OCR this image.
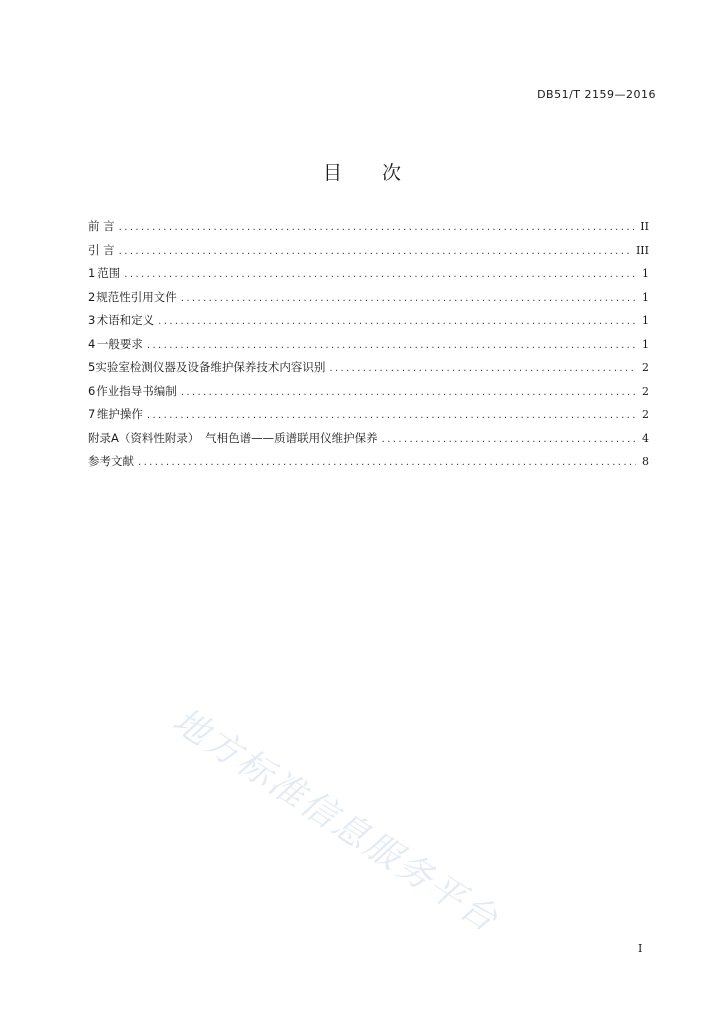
DB51/T 2159—2016
目 次
前 言 .....	II
引 言 .....	III
1 范围 .....	1
2 规范性引用文件 .....	1
3 术语和定义 .....	1
4 一般要求 .....	1
5 实验室检测仪器及设备维护保养技术内容识别 .....	2
6 作业指导书编制 .....	2
7 维护操作 .....	2
附录A（资料性附录）　气相色谱——质谱联用仪维护保养 .....	4
参考文献 .....	8
地方标准信息服务平台
I
